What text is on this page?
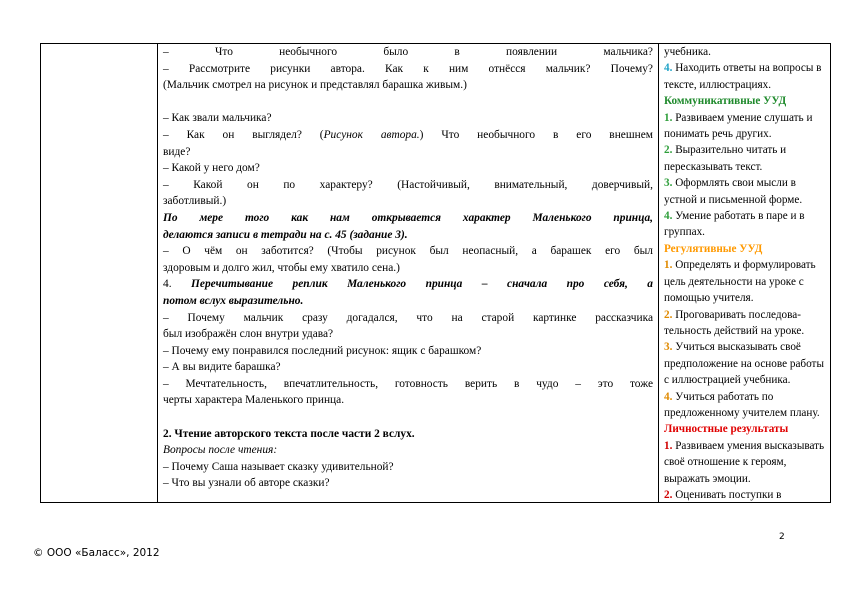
– Что необычного было в появлении мальчика?
– Рассмотрите рисунки автора. Как к ним отнёсся мальчик? Почему?
(Мальчик смотрел на рисунок и представлял барашка живым.)
– Как звали мальчика?
– Как он выглядел? (Рисунок автора.) Что необычного в его внешнем
виде?
– Какой у него дом?
– Какой он по характеру? (Настойчивый, внимательный, доверчивый,
заботливый.)
По мере того как нам открывается характер Маленького принца,
делаются записи в тетради на с. 45 (задание 3).
– О чём он заботится? (Чтобы рисунок был неопасный, а барашек его был
здоровым и долго жил, чтобы ему хватило сена.)
4. Перечитывание реплик Маленького принца – сначала про себя, а
потом вслух выразительно.
– Почему мальчик сразу догадался, что на старой картинке рассказчика
был изображён слон внутри удава?
– Почему ему понравился последний рисунок: ящик с барашком?
– А вы видите барашка?
– Мечтательность, впечатлительность, готовность верить в чудо – это тоже
черты характера Маленького принца.
2. Чтение авторского текста после части 2 вслух.
Вопросы после чтения:
– Почему Саша называет сказку удивительной?
– Что вы узнали об авторе сказки?

учебника.

4. Находить ответы на вопросы в тексте, иллюстрациях.

Коммуникативные УУД

1. Развиваем умение слушать и понимать речь других.

2. Выразительно читать и пересказывать текст.

3. Оформлять свои мысли в устной и письменной форме.

4. Умение работать в паре и в группах.

Регулятивные УУД

1. Определять и формулировать цель деятельности на уроке с помощью учителя.

2. Проговаривать последова-тельность действий на уроке.

3. Учиться высказывать своё предположение на основе работы с иллюстрацией учебника.

4. Учиться работать по предложенному учителем плану.

Личностные результаты

1. Развиваем умения высказывать своё отношение к героям, выражать эмоции.

2. Оценивать поступки в

2
© ООО «Баласс», 2012
